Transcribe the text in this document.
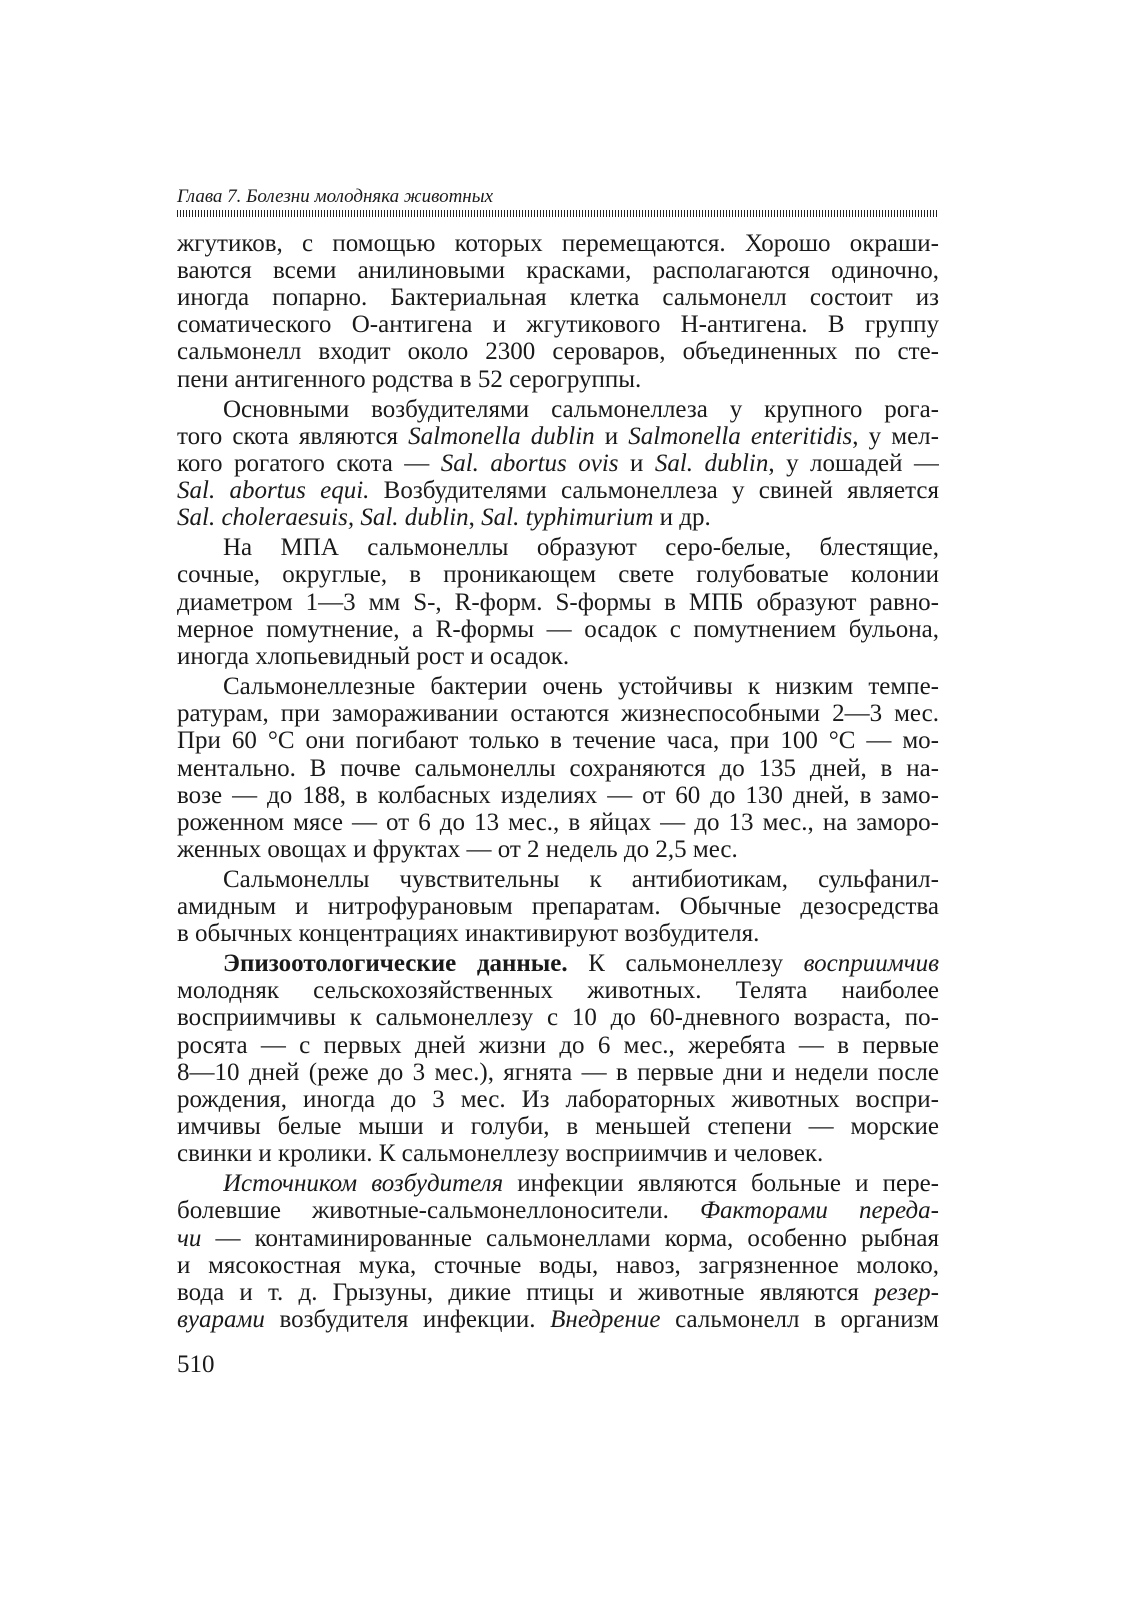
Глава 7. Болезни молодняка животных
жгутиков, с помощью которых перемещаются. Хорошо окраши-
ваются всеми анилиновыми красками, располагаются одиночно,
иногда попарно. Бактериальная клетка сальмонелл состоит из
соматического О-антигена и жгутикового Н-антигена. В группу
сальмонелл входит около 2300 сероваров, объединенных по сте-
пени антигенного родства в 52 серогруппы.
Основными возбудителями сальмонеллеза у крупного рога-
того скота являются Salmonella dublin и Salmonella enteritidis, у мел-
кого рогатого скота — Sal. abortus ovis и Sal. dublin, у лошадей —
Sal. abortus equi. Возбудителями сальмонеллеза у свиней является
Sal. choleraesuis, Sal. dublin, Sal. typhimurium и др.
На МПА сальмонеллы образуют серо-белые, блестящие,
сочные, округлые, в проникающем свете голубоватые колонии
диаметром 1—3 мм S-, R-форм. S-формы в МПБ образуют равно-
мерное помутнение, а R-формы — осадок с помутнением бульона,
иногда хлопьевидный рост и осадок.
Сальмонеллезные бактерии очень устойчивы к низким темпе-
ратурам, при замораживании остаются жизнеспособными 2—3 мес.
При 60 °С они погибают только в течение часа, при 100 °С — мо-
ментально. В почве сальмонеллы сохраняются до 135 дней, в на-
возе — до 188, в колбасных изделиях — от 60 до 130 дней, в замо-
роженном мясе — от 6 до 13 мес., в яйцах — до 13 мес., на заморо-
женных овощах и фруктах — от 2 недель до 2,5 мес.
Сальмонеллы чувствительны к антибиотикам, сульфанил-
амидным и нитрофурановым препаратам. Обычные дезосредства
в обычных концентрациях инактивируют возбудителя.
Эпизоотологические данные. К сальмонеллезу восприимчив
молодняк сельскохозяйственных животных. Телята наиболее
восприимчивы к сальмонеллезу с 10 до 60-дневного возраста, по-
росята — с первых дней жизни до 6 мес., жеребята — в первые
8—10 дней (реже до 3 мес.), ягнята — в первые дни и недели после
рождения, иногда до 3 мес. Из лабораторных животных воспри-
имчивы белые мыши и голуби, в меньшей степени — морские
свинки и кролики. К сальмонеллезу восприимчив и человек.
Источником возбудителя инфекции являются больные и пере-
болевшие животные-сальмонеллоносители. Факторами переда-
чи — контаминированные сальмонеллами корма, особенно рыбная
и мясокостная мука, сточные воды, навоз, загрязненное молоко,
вода и т. д. Грызуны, дикие птицы и животные являются резер-
вуарами возбудителя инфекции. Внедрение сальмонелл в организм
510
